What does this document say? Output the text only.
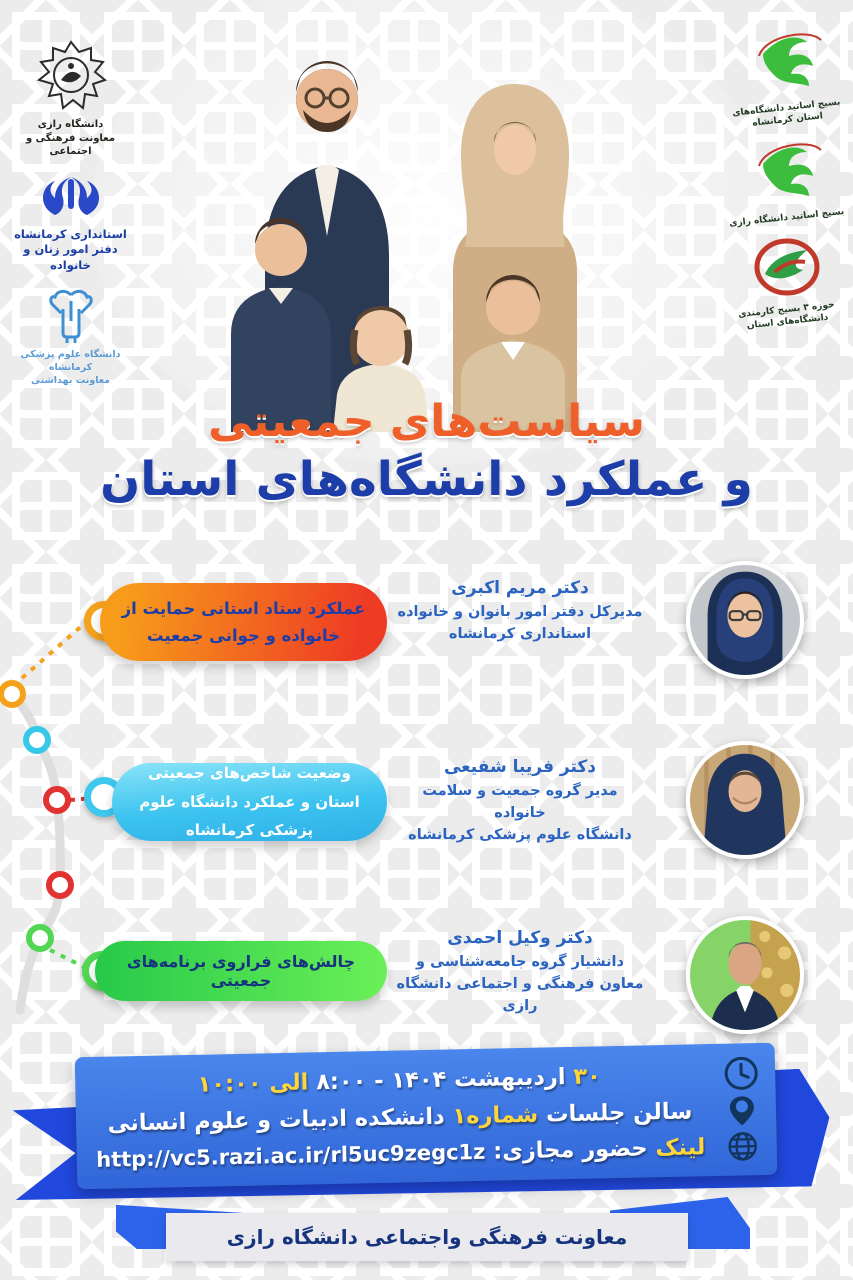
دانشگاه رازی
معاونت فرهنگی و اجتماعی
استانداری کرمانشاه
دفتر امور زنان و خانواده
دانشگاه علوم پزشکی کرمانشاه
معاونت بهداشتی
بسیج اساتید دانشگاه‌های استان کرمانشاه
بسیج اساتید دانشگاه رازی
حوزه ۳ بسیج کارمندی دانشگاه‌های استان
سیاست‌های جمعیتی
و عملکرد دانشگاه‌های استان
عملکرد ستاد استانی حمایت از خانواده و جوانی جمعیت
دکتر مریم اکبری
مدیرکل دفتر امور بانوان و خانواده
استانداری کرمانشاه
وضعیت شاخص‌های جمعیتی استان و عملکرد دانشگاه علوم پزشکی کرمانشاه
دکتر فریبا شفیعی
مدیر گروه جمعیت و سلامت خانواده
دانشگاه علوم پزشکی کرمانشاه
چالش‌های فراروی برنامه‌های جمعیتی
دکتر وکیل احمدی
دانشیار گروه جامعه‌شناسی و
معاون فرهنگی و اجتماعی دانشگاه رازی
۳۰ اردیبهشت ۱۴۰۴ - ۸:۰۰ الی ۱۰:۰۰
سالن جلسات شماره۱ دانشکده ادبیات و علوم انسانی
لینک حضور مجازی: http://vc5.razi.ac.ir/rl5uc9zegc1z
معاونت فرهنگی واجتماعی دانشگاه رازی
